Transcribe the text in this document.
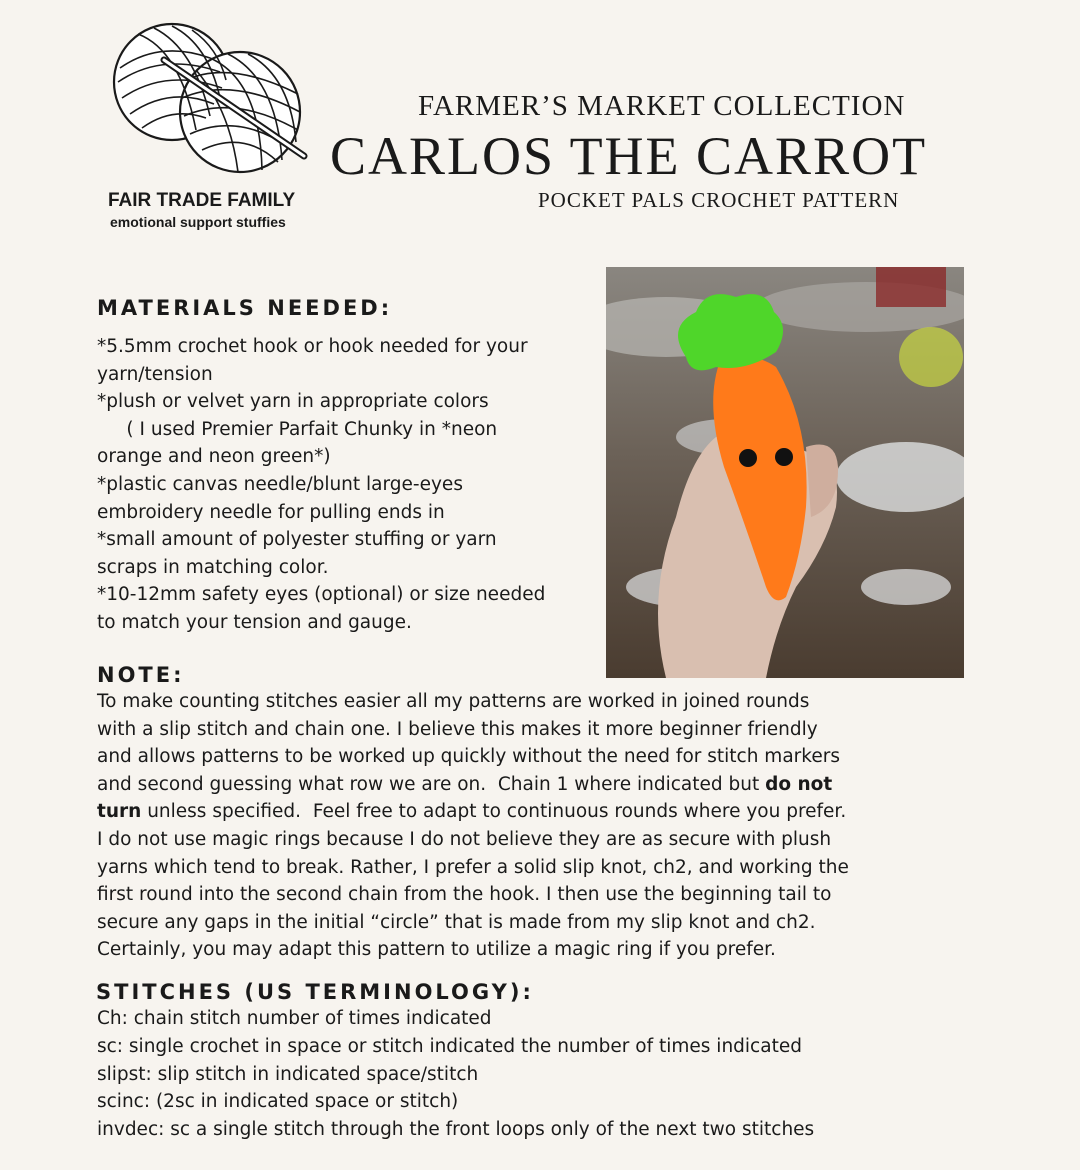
FAIR TRADE FAMILY
emotional support stuffies
FARMER’S MARKET COLLECTION
CARLOS THE CARROT
POCKET PALS CROCHET PATTERN
MATERIALS NEEDED:
*5.5mm crochet hook or hook needed for your
yarn/tension
*plush or velvet yarn in appropriate colors
( I used Premier Parfait Chunky in *neon
orange and neon green*)
*plastic canvas needle/blunt large-eyes
embroidery needle for pulling ends in
*small amount of polyester stuffing or yarn
scraps in matching color.
*10-12mm safety eyes (optional) or size needed
to match your tension and gauge.
NOTE:
To make counting stitches easier all my patterns are worked in joined rounds
with a slip stitch and chain one. I believe this makes it more beginner friendly
and allows patterns to be worked up quickly without the need for stitch markers
and second guessing what row we are on.  Chain 1 where indicated but do not
turn unless specified.  Feel free to adapt to continuous rounds where you prefer.
I do not use magic rings because I do not believe they are as secure with plush
yarns which tend to break. Rather, I prefer a solid slip knot, ch2, and working the
first round into the second chain from the hook. I then use the beginning tail to
secure any gaps in the initial “circle” that is made from my slip knot and ch2.
Certainly, you may adapt this pattern to utilize a magic ring if you prefer.
STITCHES (US TERMINOLOGY):
Ch: chain stitch number of times indicated
sc: single crochet in space or stitch indicated the number of times indicated
slipst: slip stitch in indicated space/stitch
scinc: (2sc in indicated space or stitch)
invdec: sc a single stitch through the front loops only of the next two stitches
